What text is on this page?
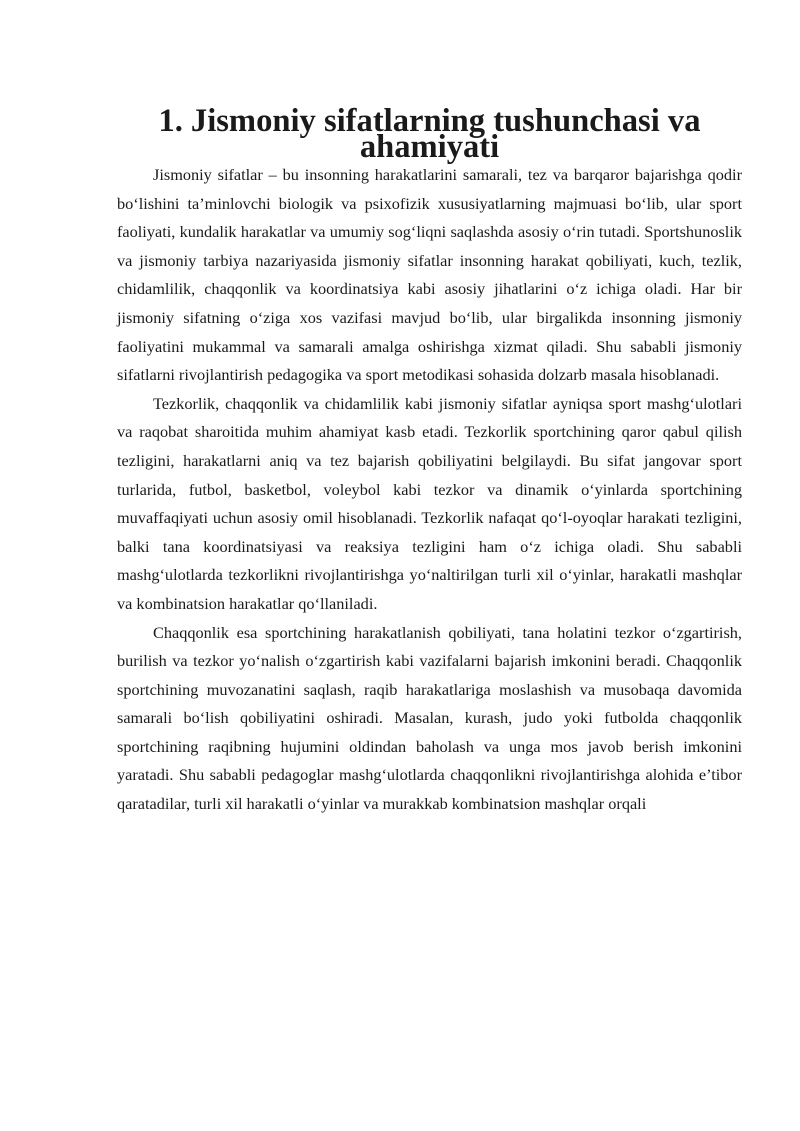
1. Jismoniy sifatlarning tushunchasi va ahamiyati

Jismoniy sifatlar – bu insonning harakatlarini samarali, tez va barqaror bajarishga qodir bo‘lishini ta’minlovchi biologik va psixofizik xususiyatlarning majmuasi bo‘lib, ular sport faoliyati, kundalik harakatlar va umumiy sog‘liqni saqlashda asosiy o‘rin tutadi. Sportshunoslik va jismoniy tarbiya nazariyasida jismoniy sifatlar insonning harakat qobiliyati, kuch, tezlik, chidamlilik, chaqqonlik va koordinatsiya kabi asosiy jihatlarini o‘z ichiga oladi. Har bir jismoniy sifatning o‘ziga xos vazifasi mavjud bo‘lib, ular birgalikda insonning jismoniy faoliyatini mukammal va samarali amalga oshirishga xizmat qiladi. Shu sababli jismoniy sifatlarni rivojlantirish pedagogika va sport metodikasi sohasida dolzarb masala hisoblanadi.

Tezkorlik, chaqqonlik va chidamlilik kabi jismoniy sifatlar ayniqsa sport mashg‘ulotlari va raqobat sharoitida muhim ahamiyat kasb etadi. Tezkorlik sportchining qaror qabul qilish tezligini, harakatlarni aniq va tez bajarish qobiliyatini belgilaydi. Bu sifat jangovar sport turlarida, futbol, basketbol, voleybol kabi tezkor va dinamik o‘yinlarda sportchining muvaffaqiyati uchun asosiy omil hisoblanadi. Tezkorlik nafaqat qo‘l-oyoqlar harakati tezligini, balki tana koordinatsiyasi va reaksiya tezligini ham o‘z ichiga oladi. Shu sababli mashg‘ulotlarda tezkorlikni rivojlantirishga yo‘naltirilgan turli xil o‘yinlar, harakatli mashqlar va kombinatsion harakatlar qo‘llaniladi.

Chaqqonlik esa sportchining harakatlanish qobiliyati, tana holatini tezkor o‘zgartirish, burilish va tezkor yo‘nalish o‘zgartirish kabi vazifalarni bajarish imkonini beradi. Chaqqonlik sportchining muvozanatini saqlash, raqib harakatlariga moslashish va musobaqa davomida samarali bo‘lish qobiliyatini oshiradi. Masalan, kurash, judo yoki futbolda chaqqonlik sportchining raqibning hujumini oldindan baholash va unga mos javob berish imkonini yaratadi. Shu sababli pedagoglar mashg‘ulotlarda chaqqonlikni rivojlantirishga alohida e’tibor qaratadilar, turli xil harakatli o‘yinlar va murakkab kombinatsion mashqlar orqali
